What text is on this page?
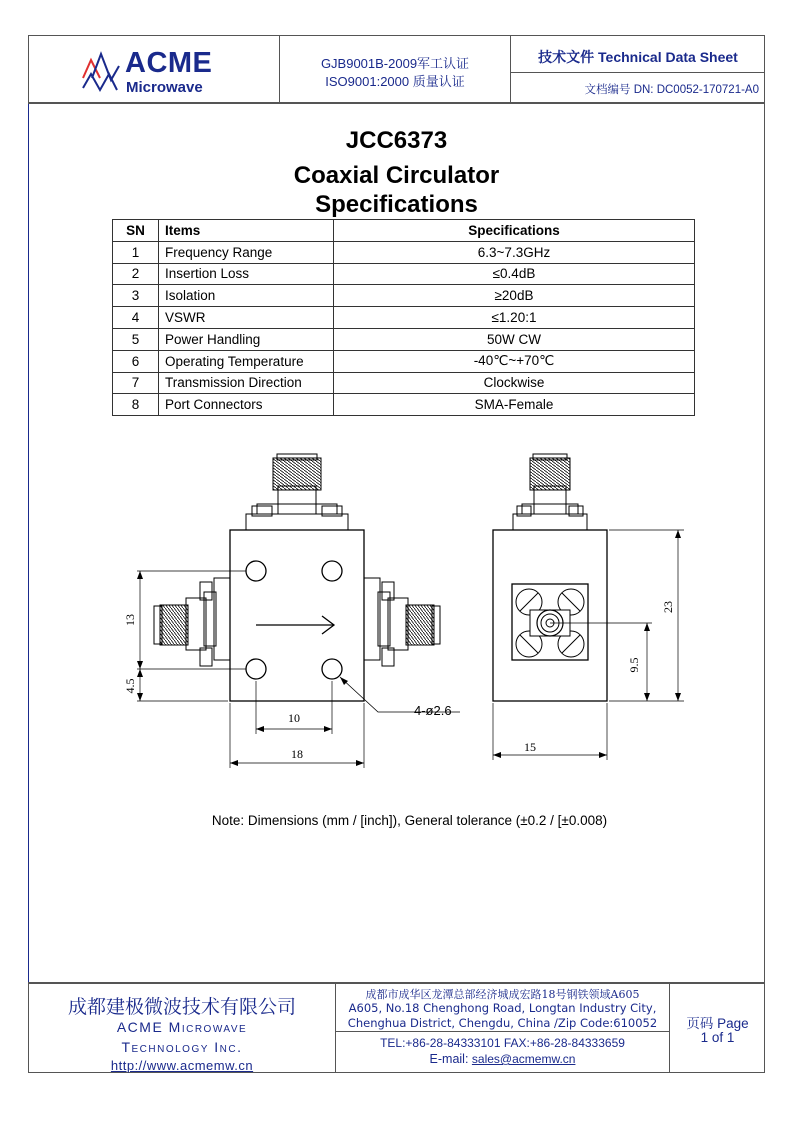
ACME
Microwave
GJB9001B-2009军工认证
ISO9001:2000 质量认证
技术文件 Technical Data Sheet
文档编号 DN: DC0052-170721-A0
JCC6373
Coaxial Circulator
Specifications
SN	Items	Specifications
1	Frequency Range	6.3~7.3GHz
2	Insertion Loss	≤0.4dB
3	Isolation	≥20dB
4	VSWR	≤1.20:1
5	Power Handling	50W CW
6	Operating Temperature	-40℃~+70℃
7	Transmission Direction	Clockwise
8	Port Connectors	SMA-Female
13
4.5
10
18
4-ø2.6
23
9.5
15
Note: Dimensions (mm / [inch]), General tolerance (±0.2 / [±0.008)
成都建极微波技术有限公司
ACME Microwave
Technology Inc.
http://www.acmemw.cn
成都市成华区龙潭总部经济城成宏路18号钢铁领域A605
A605, No.18 Chenghong Road, Longtan Industry City,
Chenghua District, Chengdu, China /Zip Code:610052
TEL:+86-28-84333101 FAX:+86-28-84333659
E-mail: sales@acmemw.cn
页码 Page
1 of 1
